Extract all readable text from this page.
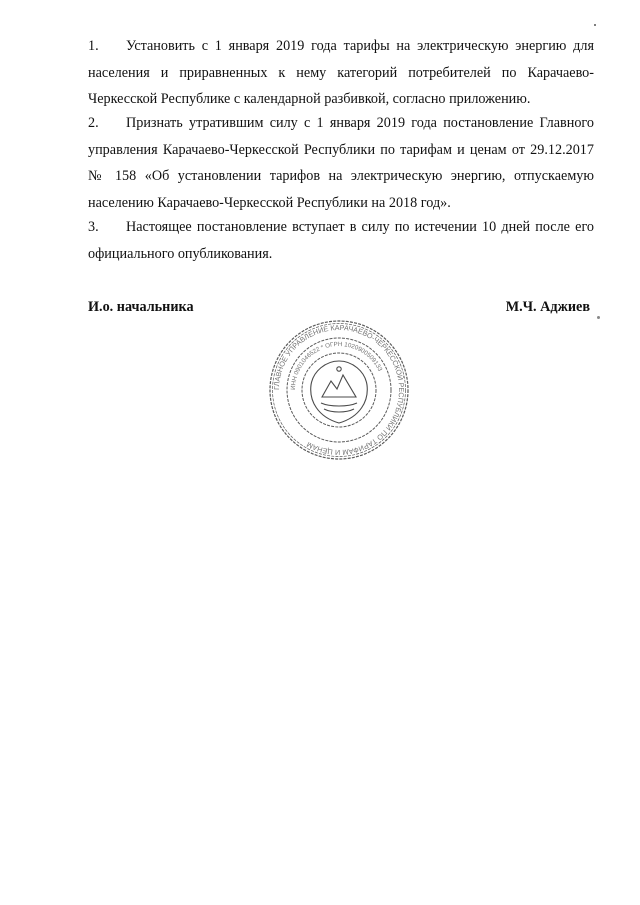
1. Установить с 1 января 2019 года тарифы на электрическую энергию для населения и приравненных к нему категорий потребителей по Карачаево-Черкесской Республике с календарной разбивкой, согласно приложению.

2. Признать утратившим силу с 1 января 2019 года постановление Главного управления Карачаево-Черкесской Республики по тарифам и ценам от 29.12.2017 № 158 «Об установлении тарифов на электрическую энергию, отпускаемую населению Карачаево-Черкесской Республики на 2018 год».

3. Настоящее постановление вступает в силу по истечении 10 дней после его официального опубликования.

И.о. начальника	М.Ч. Аджиев
ГЛАВНОЕ УПРАВЛЕНИЕ КАРАЧАЕВО-ЧЕРКЕССКОЙ РЕСПУБЛИКИ ПО ТАРИФАМ И ЦЕНАМ
ИНН 0901046522 * ОГРН 1020900509133
